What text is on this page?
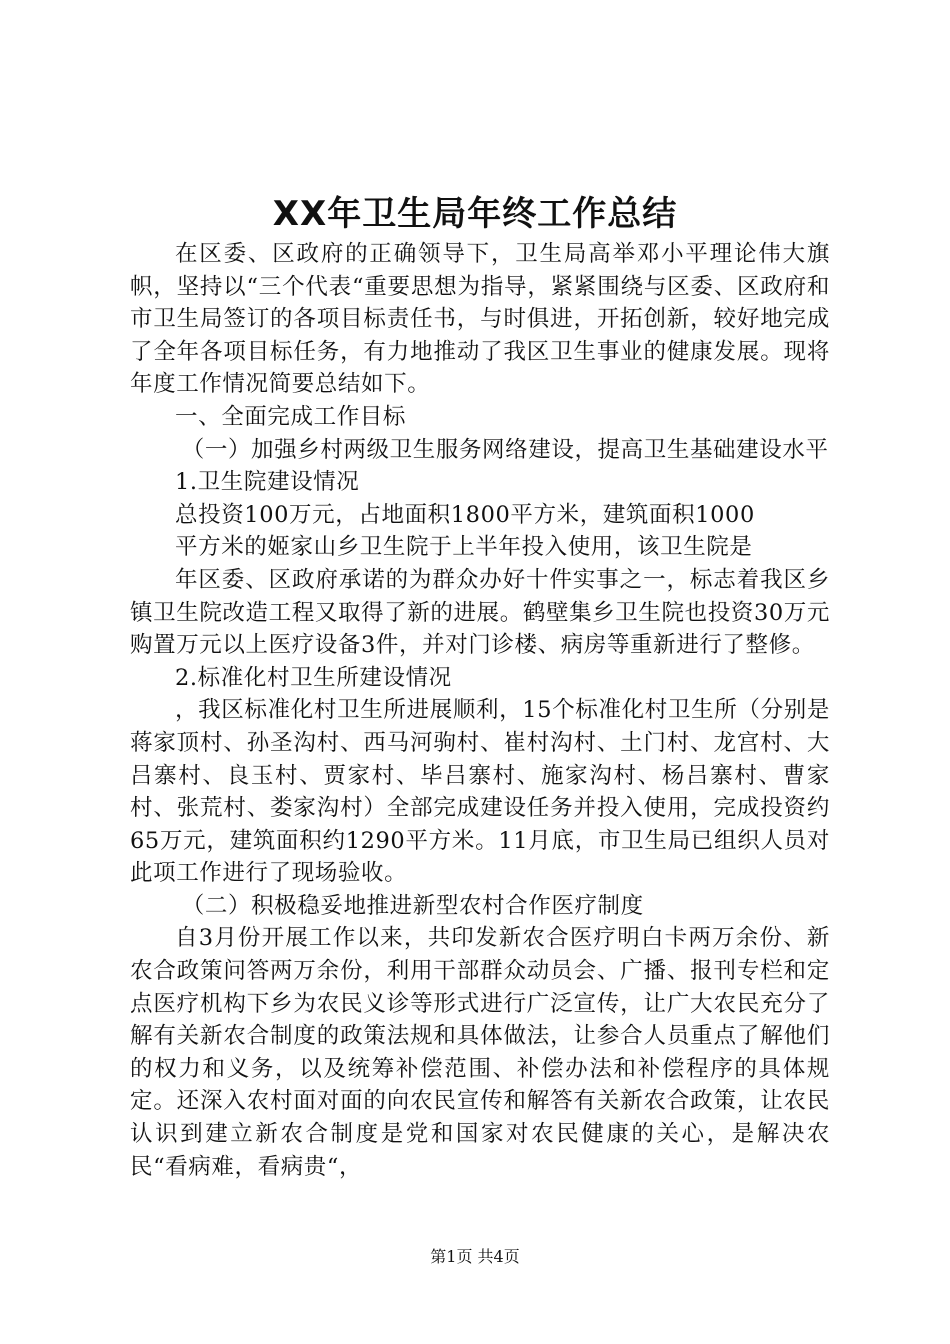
XX年卫生局年终工作总结

在区委、区政府的正确领导下，卫生局高举邓小平理论伟大旗帜，坚持以“三个代表“重要思想为指导，紧紧围绕与区委、区政府和市卫生局签订的各项目标责任书，与时俱进，开拓创新，较好地完成了全年各项目标任务，有力地推动了我区卫生事业的健康发展。现将年度工作情况简要总结如下。

一、全面完成工作目标

（一）加强乡村两级卫生服务网络建设，提高卫生基础建设水平

1.卫生院建设情况

总投资100万元，占地面积1800平方米，建筑面积1000

平方米的姬家山乡卫生院于上半年投入使用，该卫生院是

年区委、区政府承诺的为群众办好十件实事之一，标志着我区乡镇卫生院改造工程又取得了新的进展。鹤壁集乡卫生院也投资30万元购置万元以上医疗设备3件，并对门诊楼、病房等重新进行了整修。

2.标准化村卫生所建设情况

，我区标准化村卫生所进展顺利，15个标准化村卫生所（分别是蒋家顶村、孙圣沟村、西马河驹村、崔村沟村、土门村、龙宫村、大吕寨村、良玉村、贾家村、毕吕寨村、施家沟村、杨吕寨村、曹家村、张荒村、娄家沟村）全部完成建设任务并投入使用，完成投资约65万元，建筑面积约1290平方米。11月底，市卫生局已组织人员对此项工作进行了现场验收。

（二）积极稳妥地推进新型农村合作医疗制度

自3月份开展工作以来，共印发新农合医疗明白卡两万余份、新农合政策问答两万余份，利用干部群众动员会、广播、报刊专栏和定点医疗机构下乡为农民义诊等形式进行广泛宣传，让广大农民充分了解有关新农合制度的政策法规和具体做法，让参合人员重点了解他们的权力和义务，以及统筹补偿范围、补偿办法和补偿程序的具体规定。还深入农村面对面的向农民宣传和解答有关新农合政策，让农民认识到建立新农合制度是党和国家对农民健康的关心，是解决农民“看病难，看病贵“，

第1页 共4页
